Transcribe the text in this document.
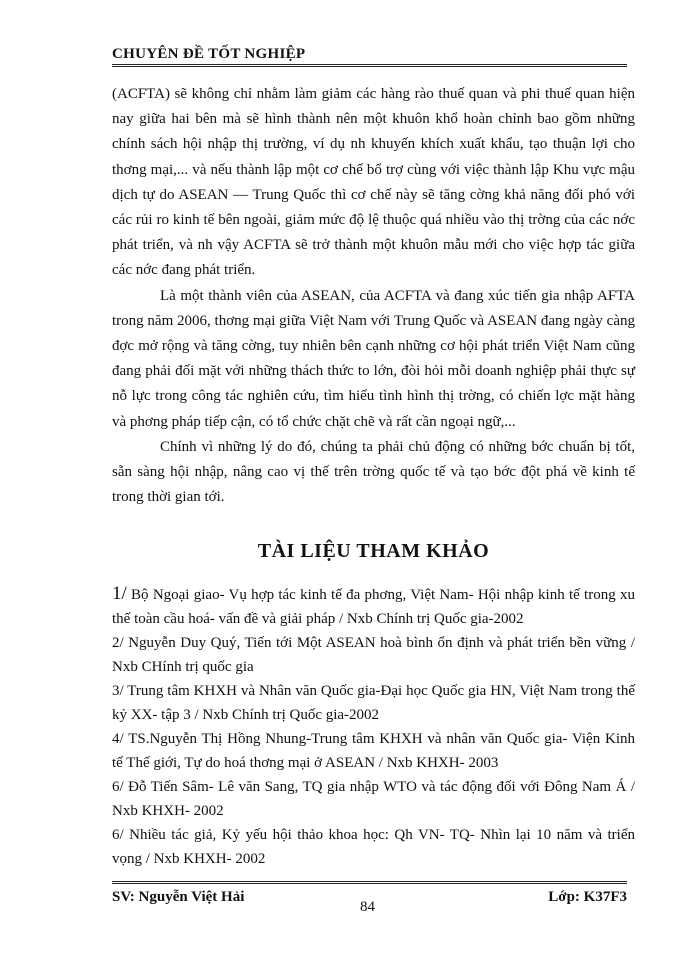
CHUYÊN ĐỀ TỐT NGHIỆP

(ACFTA) sẽ không chỉ nhằm làm giảm các hàng rào thuế quan và phi thuế quan hiện nay giữa hai bên mà sẽ hình thành nên một khuôn khổ hoàn chỉnh bao gồm những chính sách hội nhập thị trường, ví dụ nh khuyến khích xuất khẩu, tạo thuận lợi cho thơng mại,... và nếu thành lập một cơ chế bổ trợ cùng với việc thành lập Khu vực mậu dịch tự do ASEAN — Trung Quốc thì cơ chế này sẽ tăng cờng khả năng đối phó với các rủi ro kinh tế bên ngoài, giảm mức độ lệ thuộc quá nhiều vào thị trờng của các nớc phát triển, và nh vậy ACFTA sẽ trở thành một khuôn mẫu mới cho việc hợp tác giữa các nớc đang phát triển.

Là một thành viên của ASEAN, của ACFTA và đang xúc tiến gia nhập AFTA trong năm 2006, thơng mại giữa Việt Nam với Trung Quốc và ASEAN đang ngày càng đợc mở rộng và tăng cờng, tuy nhiên bên cạnh những cơ hội phát triển Việt Nam cũng đang phải đối mặt với những thách thức to lớn, đòi hỏi mỗi doanh nghiệp phải thực sự nỗ lực trong công tác nghiên cứu, tìm hiểu tình hình thị trờng, có chiến lợc mặt hàng và phơng pháp tiếp cận, có tổ chức chặt chẽ và rất cần ngoại ngữ,...

Chính vì những lý do đó, chúng ta phải chủ động có những bớc chuẩn bị tốt, sẵn sàng hội nhập, nâng cao vị thế trên trờng quốc tế và tạo bớc đột phá về kinh tế trong thời gian tới.

TÀI LIỆU THAM KHẢO

1/ Bộ Ngoại giao- Vụ hợp tác kinh tế đa phơng, Việt Nam- Hội nhập kinh tế trong xu thế toàn cầu hoá- vấn đề và giải pháp / Nxb Chính trị Quốc gia-2002

2/ Nguyễn Duy Quý, Tiến tới Một ASEAN hoà bình ổn định và phát triển bền vững / Nxb CHính trị quốc gia

3/ Trung tâm KHXH và Nhân văn Quốc gia-Đại học Quốc gia HN, Việt Nam trong thế kỷ XX- tập 3 / Nxb Chính trị Quốc gia-2002

4/ TS.Nguyễn Thị Hồng Nhung-Trung tâm KHXH và nhân văn Quốc gia- Viện Kinh tế Thế giới, Tự do hoá thơng mại ở ASEAN / Nxb KHXH- 2003

6/ Đỗ Tiến Sâm- Lê văn Sang, TQ gia nhập WTO và tác động đối với Đông Nam Á / Nxb KHXH- 2002

6/ Nhiều tác giả, Kỷ yếu hội thảo khoa học: Qh VN- TQ- Nhìn lại 10 năm và triển vọng / Nxb KHXH- 2002

SV: Nguyễn Việt Hải
84
Lớp: K37F3
